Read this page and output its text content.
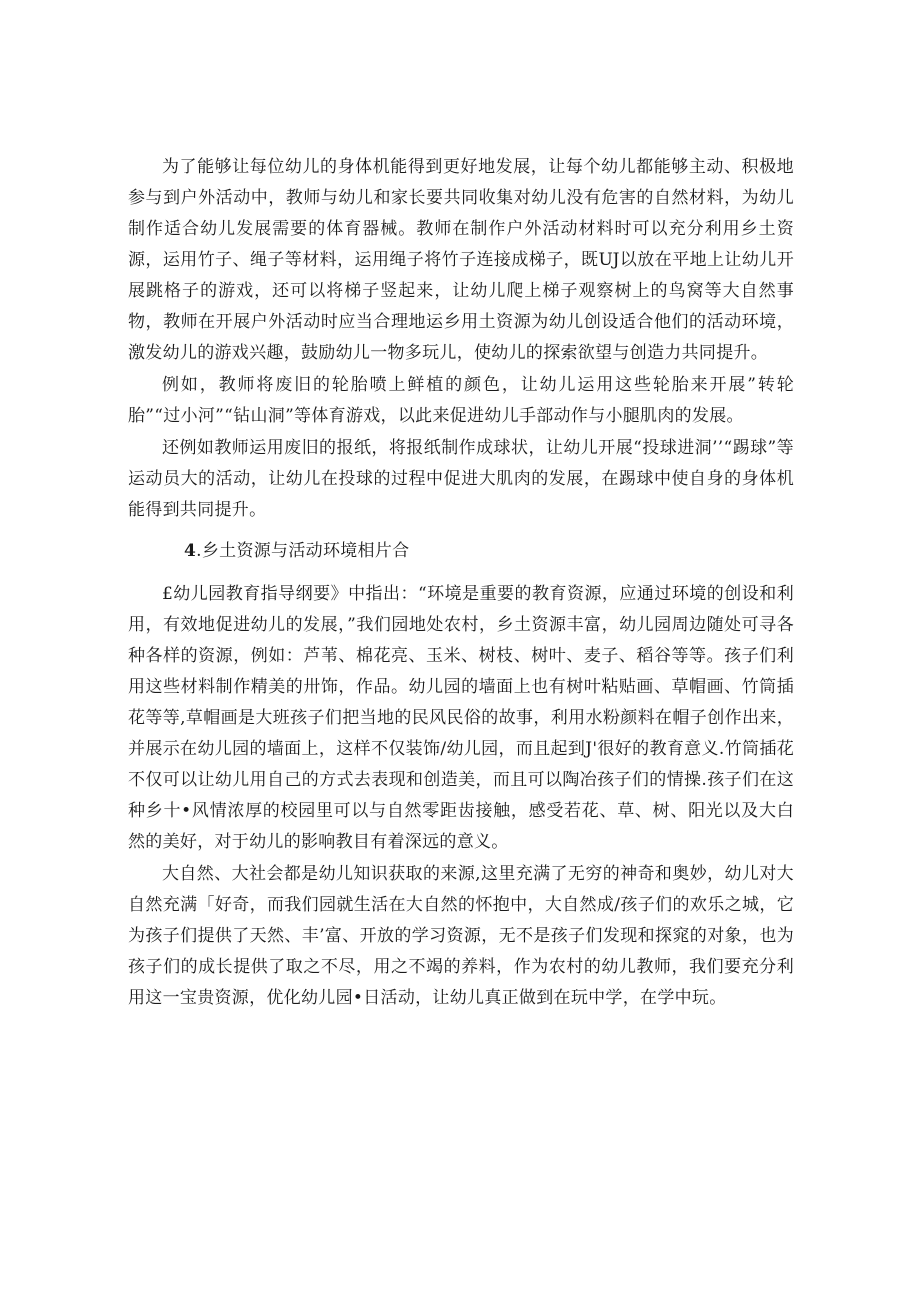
为了能够让每位幼儿的身体机能得到更好地发展，让每个幼儿都能够主动、积极地参与到户外活动中，教师与幼儿和家长要共同收集对幼儿没有危害的自然材料，为幼儿制作适合幼儿发展需要的体育器械。教师在制作户外活动材料时可以充分利用乡土资源，运用竹子、绳子等材料，运用绳子将竹子连接成梯子，既UJ以放在平地上让幼儿开展跳格子的游戏，还可以将梯子竖起来，让幼儿爬上梯子观察树上的鸟窝等大自然事物，教师在开展户外活动时应当合理地运乡用土资源为幼儿创设适合他们的活动环境，激发幼儿的游戏兴趣，鼓励幼儿一物多玩儿，使幼儿的探索欲望与创造力共同提升。

例如，教师将废旧的轮胎喷上鲜植的颜色，让幼儿运用这些轮胎来开展”转轮胎”“过小河”“钻山洞”等体育游戏，以此来促进幼儿手部动作与小腿肌肉的发展。

还例如教师运用废旧的报纸，将报纸制作成球状，让幼儿开展“投球进洞’’“踢球”等运动员大的活动，让幼儿在投球的过程中促进大肌肉的发展，在踢球中使自身的身体机能得到共同提升。

4.乡土资源与活动环境相片合

£幼儿园教育指导纲要》中指出：“环境是重要的教育资源，应通过环境的创设和利用，有效地促进幼儿的发展，”我们园地处农村，乡土资源丰富，幼儿园周边随处可寻各种各样的资源，例如：芦苇、棉花亮、玉米、树枝、树叶、麦子、稻谷等等。孩子们利用这些材料制作精美的卅饰，作品。幼儿园的墙面上也有树叶粘贴画、草帽画、竹筒插花等等,草帽画是大班孩子们把当地的民风民俗的故事，利用水粉颜料在帽子创作出来，并展示在幼儿园的墙面上，这样不仅装饰/幼儿园，而且起到J'很好的教育意义.竹筒插花不仅可以让幼儿用自己的方式去表现和创造美，而且可以陶冶孩子们的情操.孩子们在这种乡十•风情浓厚的校园里可以与自然零距齿接触，感受若花、草、树、阳光以及大白然的美好，对于幼儿的影响教目有着深远的意义。

大自然、大社会都是幼儿知识获取的来源,这里充满了无穷的神奇和奥妙，幼儿对大自然充满「好奇，而我们园就生活在大自然的怀抱中，大自然成/孩子们的欢乐之城，它为孩子们提供了天然、丰’富、开放的学习资源，无不是孩子们发现和探窕的对象，也为孩子们的成长提供了取之不尽，用之不竭的养料，作为农村的幼儿教师，我们要充分利用这一宝贵资源，优化幼儿园•日活动，让幼儿真正做到在玩中学，在学中玩。
